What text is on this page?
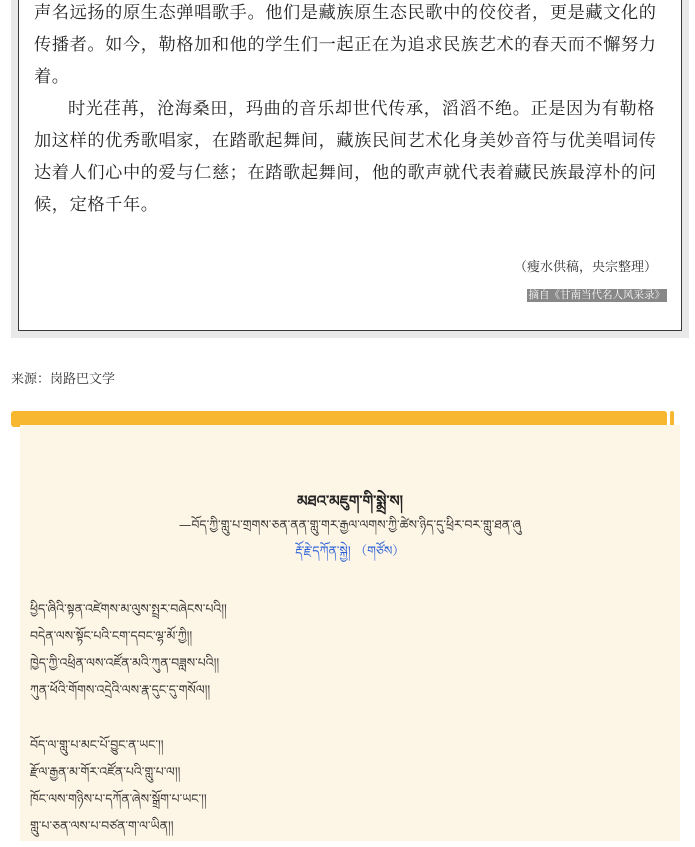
声名远扬的原生态弹唱歌手。他们是藏族原生态民歌中的佼佼者，更是藏文化的传播者。如今，勒格加和他的学生们一起正在为追求民族艺术的春天而不懈努力着。

时光荏苒，沧海桑田，玛曲的音乐却世代传承，滔滔不绝。正是因为有勒格加这样的优秀歌唱家，在踏歌起舞间，藏族民间艺术化身美妙音符与优美唱词传达着人们心中的爱与仁慈；在踏歌起舞间，他的歌声就代表着藏民族最淳朴的问候，定格千年。

（瘦水供稿，央宗整理）
摘自《甘南当代名人风采录》
来源：岗路巴文学
མཐའ་མཇུག་གི་སྨྲེ་ས།
—བོད་ཀྱི་གླུ་པ་གྲགས་ཅན་ནན་གླུ་གར་རྒྱལ་ལགས་ཀྱི་ཚེས་ཉིད་དུ་ཕྲིར་བར་གླུ་ཐན་ཞུ
རྡོ་རྗེ་དཀོན་སྐྱེ། （གཙོས）
ཕྱིད་ཞིའི་སྟན་འཛེགས་མ་ལུས་སྤྲར་བཞེངས་པའི།།
བདེན་ལས་སྟོང་པའི་ངག་དབང་ལྷ་མོ་ཀྱི།།
ཁྱེད་ཀྱི་འཕྲིན་ལས་འཛོན་མའི་ཀུན་བཟླས་པའི།།
ཀུན་ཕོའི་གོགས་འདྲེའི་ལས་རྣ་དུང་དུ་གསོལ།།
བོད་ལ་གླུ་པ་མང་པོ་བྱུང་ན་ཡང་།།
རྫོལ་རྒྱན་མ་གོར་འཛོན་པའི་གླུ་པ་ལ།།
ཁོང་ལས་གཉིས་པ་དཀོན་ཞེས་སྒྲོག་པ་ཡང་།།
གླུ་པ་ཅན་ལས་པ་བཙན་ག་ལ་ཡིན།།
